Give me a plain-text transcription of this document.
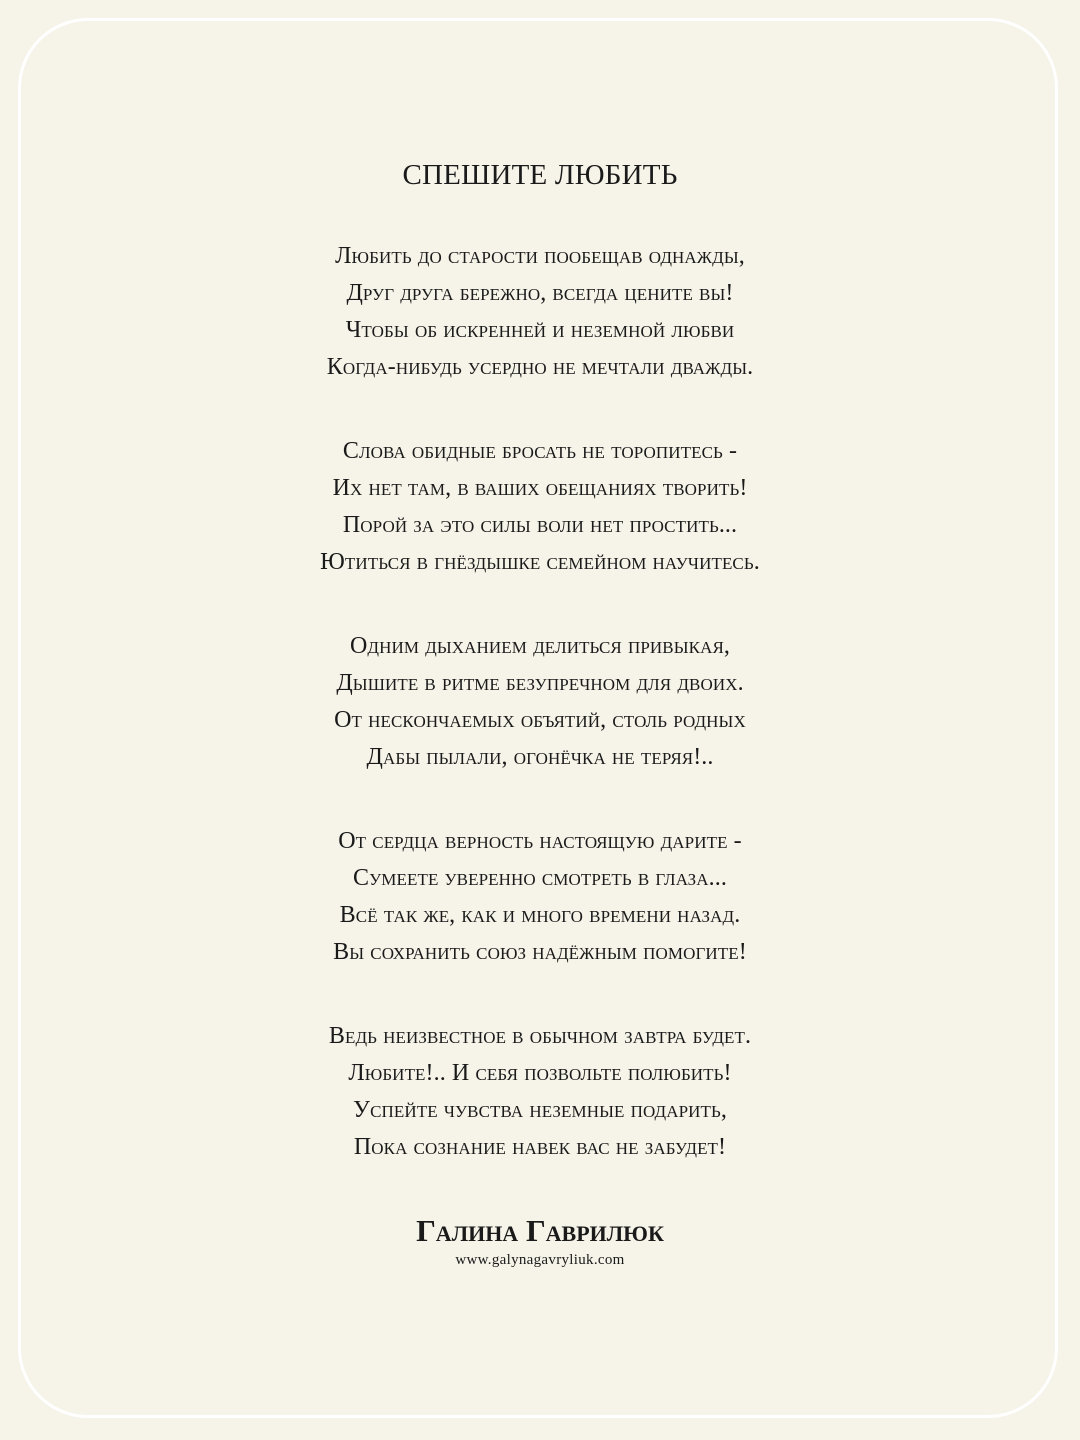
СПЕШИТЕ ЛЮБИТЬ
Любить до старости пообещав однажды,
Друг друга бережно, всегда цените вы!
Чтобы об искренней и неземной любви
Когда-нибудь усердно не мечтали дважды.
Слова обидные бросать не торопитесь -
Их нет там, в ваших обещаниях творить!
Порой за это силы воли нет простить...
Ютиться в гнёздышке семейном научитесь.
Одним дыханием делиться привыкая,
Дышите в ритме безупречном для двоих.
От нескончаемых объятий, столь родных
Дабы пылали, огонёчка не теряя!..
От сердца верность настоящую дарите -
Сумеете уверенно смотреть в глаза...
Всё так же, как и много времени назад.
Вы сохранить союз надёжным помогите!
Ведь неизвестное в обычном завтра будет.
Любите!.. И себя позвольте полюбить!
Успейте чувства неземные подарить,
Пока сознание навек вас не забудет!
Галина Гаврилюк
www.galynagavryliuk.com
